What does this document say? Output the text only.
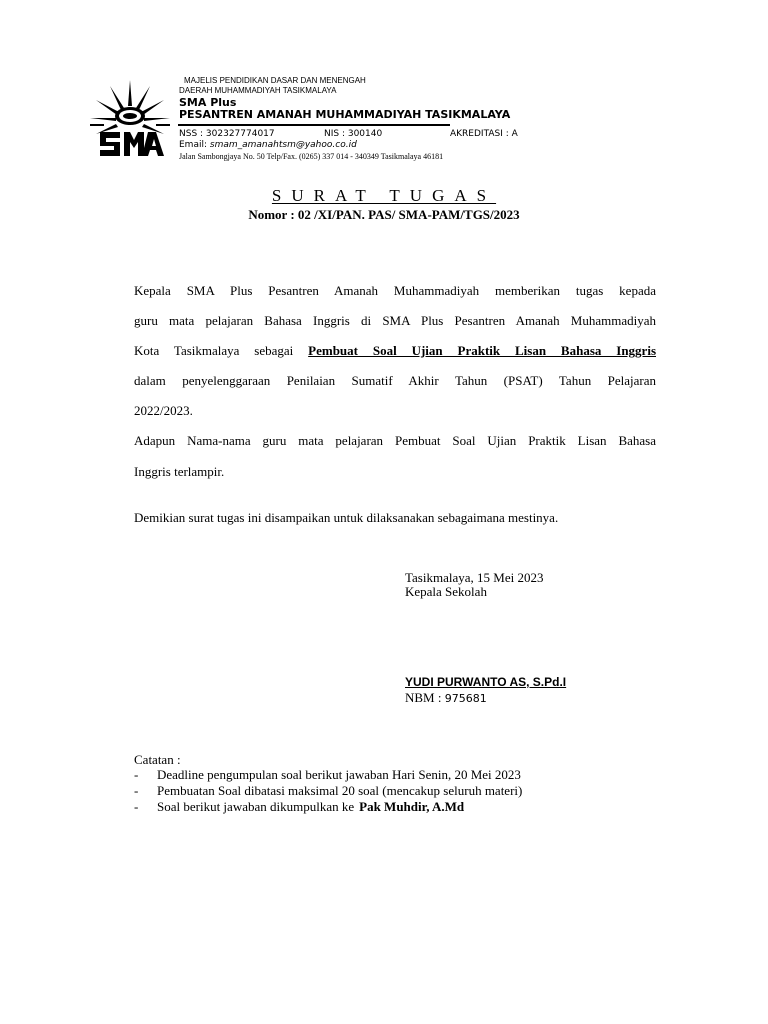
MAJELIS PENDIDIKAN DASAR DAN MENENGAH
DAERAH MUHAMMADIYAH TASIKMALAYA
SMA Plus
PESANTREN AMANAH MUHAMMADIYAH TASIKMALAYA
NSS : 302327774017	NIS : 300140	AKREDITASI : A
Email: smam_amanahtsm@yahoo.co.id
Jalan Sambongjaya No. 50 Telp/Fax. (0265) 337 014 - 340349 Tasikmalaya 46181
SURAT TUGAS
Nomor : 02 /XI/PAN. PAS/ SMA-PAM/TGS/2023
Kepala SMA Plus Pesantren Amanah Muhammadiyah memberikan tugas kepada
guru mata pelajaran Bahasa Inggris di SMA Plus Pesantren Amanah Muhammadiyah
Kota Tasikmalaya sebagai Pembuat Soal Ujian Praktik Lisan Bahasa Inggris
dalam penyelenggaraan Penilaian Sumatif Akhir Tahun (PSAT) Tahun Pelajaran
2022/2023.
Adapun Nama-nama guru mata pelajaran Pembuat Soal Ujian Praktik Lisan Bahasa
Inggris terlampir.
Demikian surat tugas ini disampaikan untuk dilaksanakan sebagaimana mestinya.
Tasikmalaya, 15 Mei 2023
Kepala Sekolah
YUDI PURWANTO AS, S.Pd.I
NBM : 975681
Catatan :
-	Deadline pengumpulan soal berikut jawaban Hari Senin, 20 Mei 2023
-	Pembuatan Soal dibatasi maksimal 20 soal (mencakup seluruh materi)
-	Soal berikut jawaban dikumpulkan ke Pak Muhdir, A.Md
